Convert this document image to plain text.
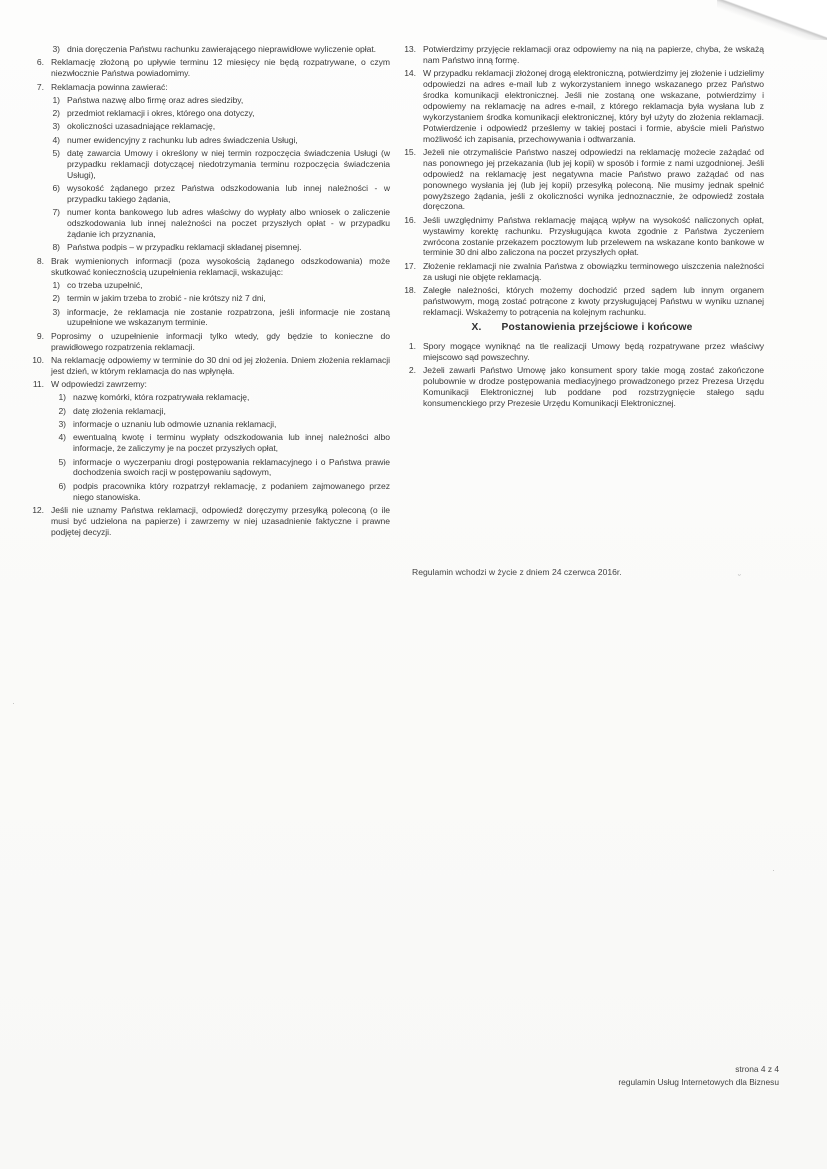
3) dnia doręczenia Państwu rachunku zawierającego nieprawidłowe wyliczenie opłat.
6. Reklamację złożoną po upływie terminu 12 miesięcy nie będą rozpatrywane, o czym niezwłocznie Państwa powiadomimy.
7. Reklamacja powinna zawierać:
1) Państwa nazwę albo firmę oraz adres siedziby,
2) przedmiot reklamacji i okres, którego ona dotyczy,
3) okoliczności uzasadniające reklamację,
4) numer ewidencyjny z rachunku lub adres świadczenia Usługi,
5) datę zawarcia Umowy i określony w niej termin rozpoczęcia świadczenia Usługi (w przypadku reklamacji dotyczącej niedotrzymania terminu rozpoczęcia świadczenia Usługi),
6) wysokość żądanego przez Państwa odszkodowania lub innej należności - w przypadku takiego żądania,
7) numer konta bankowego lub adres właściwy do wypłaty albo wniosek o zaliczenie odszkodowania lub innej należności na poczet przyszłych opłat - w przypadku żądanie ich przyznania,
8) Państwa podpis – w przypadku reklamacji składanej pisemnej.
8. Brak wymienionych informacji (poza wysokością żądanego odszkodowania) może skutkować koniecznością uzupełnienia reklamacji, wskazując:
1) co trzeba uzupełnić,
2) termin w jakim trzeba to zrobić - nie krótszy niż 7 dni,
3) informacje, że reklamacja nie zostanie rozpatrzona, jeśli informacje nie zostaną uzupełnione we wskazanym terminie.
9. Poprosimy o uzupełnienie informacji tylko wtedy, gdy będzie to konieczne do prawidłowego rozpatrzenia reklamacji.
10. Na reklamację odpowiemy w terminie do 30 dni od jej złożenia. Dniem złożenia reklamacji jest dzień, w którym reklamacja do nas wpłynęła.
11. W odpowiedzi zawrzemy:
1) nazwę komórki, która rozpatrywała reklamację,
2) datę złożenia reklamacji,
3) informacje o uznaniu lub odmowie uznania reklamacji,
4) ewentualną kwotę i terminu wypłaty odszkodowania lub innej należności albo informacje, że zaliczymy je na poczet przyszłych opłat,
5) informacje o wyczerpaniu drogi postępowania reklamacyjnego i o Państwa prawie dochodzenia swoich racji w postępowaniu sądowym,
6) podpis pracownika który rozpatrzył reklamację, z podaniem zajmowanego przez niego stanowiska.
12. Jeśli nie uznamy Państwa reklamacji, odpowiedź doręczymy przesyłką poleconą (o ile musi być udzielona na papierze) i zawrzemy w niej uzasadnienie faktyczne i prawne podjętej decyzji.
13. Potwierdzimy przyjęcie reklamacji oraz odpowiemy na nią na papierze, chyba, że wskażą nam Państwo inną formę.
14. W przypadku reklamacji złożonej drogą elektroniczną, potwierdzimy jej złożenie i udzielimy odpowiedzi na adres e-mail lub z wykorzystaniem innego wskazanego przez Państwo środka komunikacji elektronicznej. Jeśli nie zostaną one wskazane, potwierdzimy i odpowiemy na reklamację na adres e-mail, z którego reklamacja była wysłana lub z wykorzystaniem środka komunikacji elektronicznej, który był użyty do złożenia reklamacji. Potwierdzenie i odpowiedź prześlemy w takiej postaci i formie, abyście mieli Państwo możliwość ich zapisania, przechowywania i odtwarzania.
15. Jeżeli nie otrzymaliście Państwo naszej odpowiedzi na reklamację możecie zażądać od nas ponownego jej przekazania (lub jej kopii) w sposób i formie z nami uzgodnionej. Jeśli odpowiedź na reklamację jest negatywna macie Państwo prawo zażądać od nas ponownego wysłania jej (lub jej kopii) przesyłką poleconą. Nie musimy jednak spełnić powyższego żądania, jeśli z okoliczności wynika jednoznacznie, że odpowiedź została doręczona.
16. Jeśli uwzględnimy Państwa reklamację mającą wpływ na wysokość naliczonych opłat, wystawimy korektę rachunku. Przysługująca kwota zgodnie z Państwa życzeniem zwrócona zostanie przekazem pocztowym lub przelewem na wskazane konto bankowe w terminie 30 dni albo zaliczona na poczet przyszłych opłat.
17. Złożenie reklamacji nie zwalnia Państwa z obowiązku terminowego uiszczenia należności za usługi nie objęte reklamacją.
18. Zaległe należności, których możemy dochodzić przed sądem lub innym organem państwowym, mogą zostać potrącone z kwoty przysługującej Państwu w wyniku uznanej reklamacji. Wskażemy to potrącenia na kolejnym rachunku.
X. Postanowienia przejściowe i końcowe
1. Spory mogące wyniknąć na tle realizacji Umowy będą rozpatrywane przez właściwy miejscowo sąd powszechny.
2. Jeżeli zawarli Państwo Umowę jako konsument spory takie mogą zostać zakończone polubownie w drodze postępowania mediacyjnego prowadzonego przez Prezesa Urzędu Komunikacji Elektronicznej lub poddane pod rozstrzygnięcie stałego sądu konsumenckiego przy Prezesie Urzędu Komunikacji Elektronicznej.
Regulamin wchodzi w życie z dniem 24 czerwca 2016r.
strona 4 z 4
regulamin Usług Internetowych dla Biznesu
·
˘
·
